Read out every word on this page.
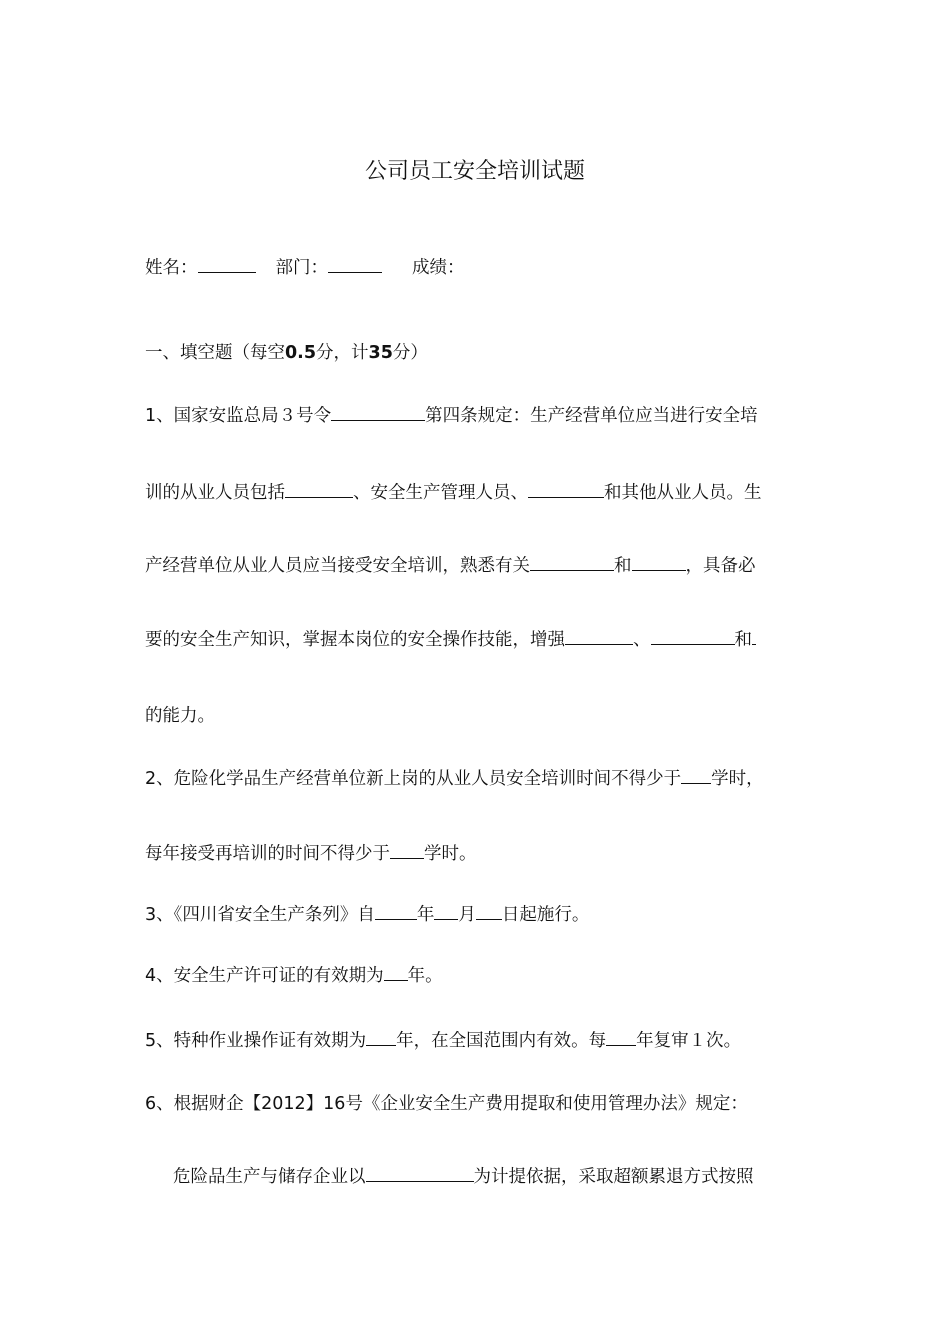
公司员工安全培训试题
姓名：	部门：	成绩：
一、填空题（每空0.5分，计35分）
1、国家安监总局３号令	第四条规定：生产经营单位应当进行安全培
训的从业人员包括	、安全生产管理人员、	和其他从业人员。生
产经营单位从业人员应当接受安全培训，熟悉有关	和	，具备必
要的安全生产知识，掌握本岗位的安全操作技能，增强	、	和
的能力。
2、危险化学品生产经营单位新上岗的从业人员安全培训时间不得少于 学时，
每年接受再培训的时间不得少于 学时。
3、《四川省安全生产条列》自 年 月 日起施行。
4、安全生产许可证的有效期为 年。
5、特种作业操作证有效期为 年，在全国范围内有效。每 年复审１次。
6、根据财企【2012】16号《企业安全生产费用提取和使用管理办法》规定：
危险品生产与储存企业以	为计提依据，采取超额累退方式按照
